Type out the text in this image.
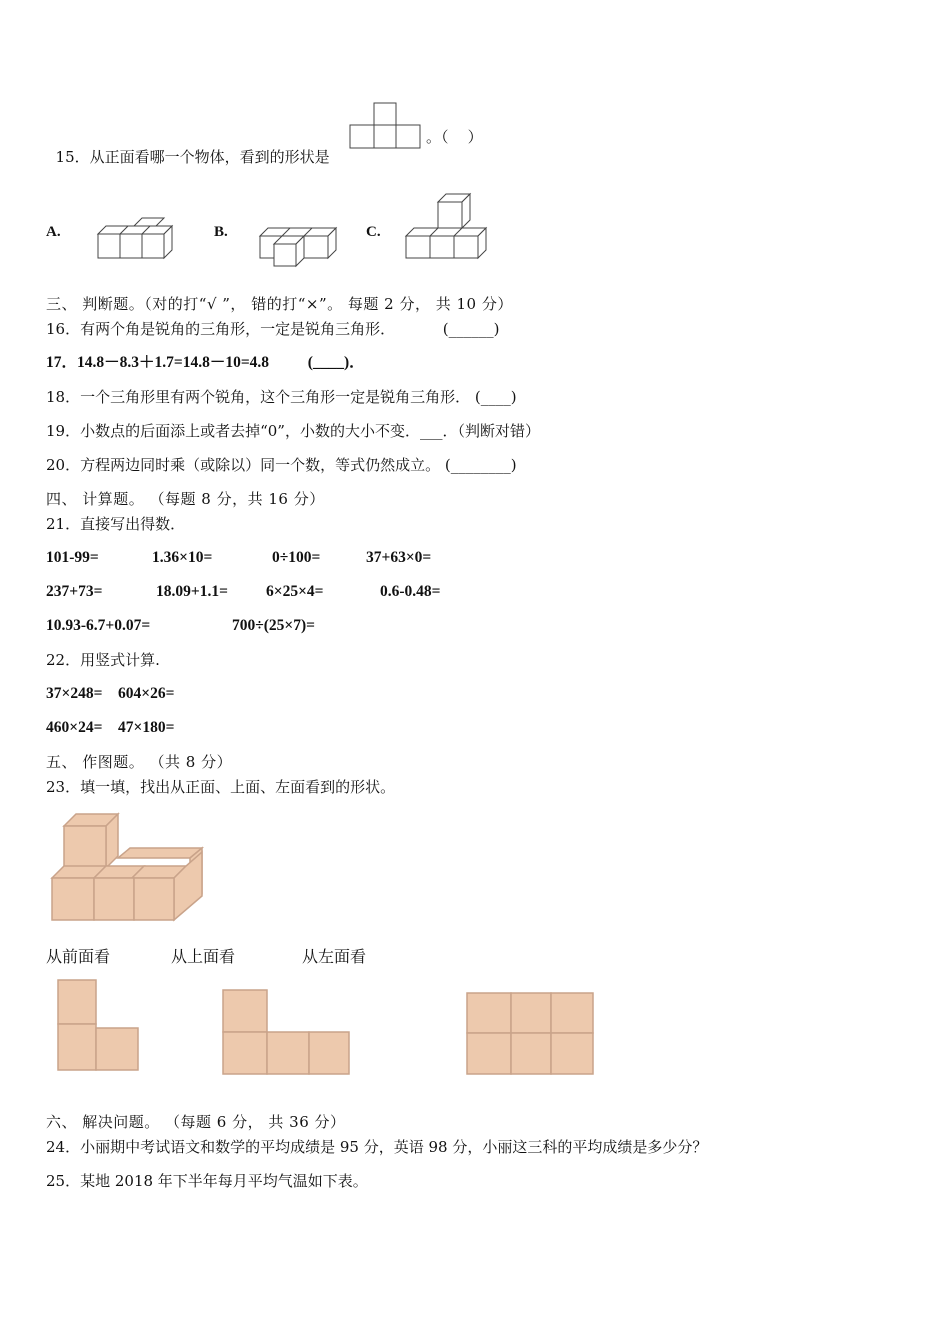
15．从正面看哪一个物体，看到的形状是

。（    ）
A.	B.	C.
三、 判断题。（对的打“√ ”， 错的打“×”。 每题 2 分， 共 10 分）
16．有两个角是锐角的三角形，一定是锐角三角形．          (______)
17．14.8－8.3＋1.7=14.8－10=4.8          (____)．
18．一个三角形里有两个锐角，这个三角形一定是锐角三角形． (____)
19．小数点的后面添上或者去掉“0”，小数的大小不变．___．（判断对错）
20．方程两边同时乘（或除以）同一个数，等式仍然成立。 (________)
四、 计算题。 （每题 8 分，共 16 分）
21．直接写出得数．
101-99=	1.36×10=	0÷100=	37+63×0=
237+73=	18.09+1.1= 6×25×4=	0.6-0.48=
10.93-6.7+0.07=	700÷(25×7)=
22．用竖式计算.
37×248= 604×26=
460×24= 47×180=
五、 作图题。 （共 8 分）
23．填一填，找出从正面、上面、左面看到的形状。
从前面看	从上面看	从左面看
六、 解决问题。 （每题 6 分， 共 36 分）
24．小丽期中考试语文和数学的平均成绩是 95 分，英语 98 分，小丽这三科的平均成绩是多少分？
25．某地 2018 年下半年每月平均气温如下表。
